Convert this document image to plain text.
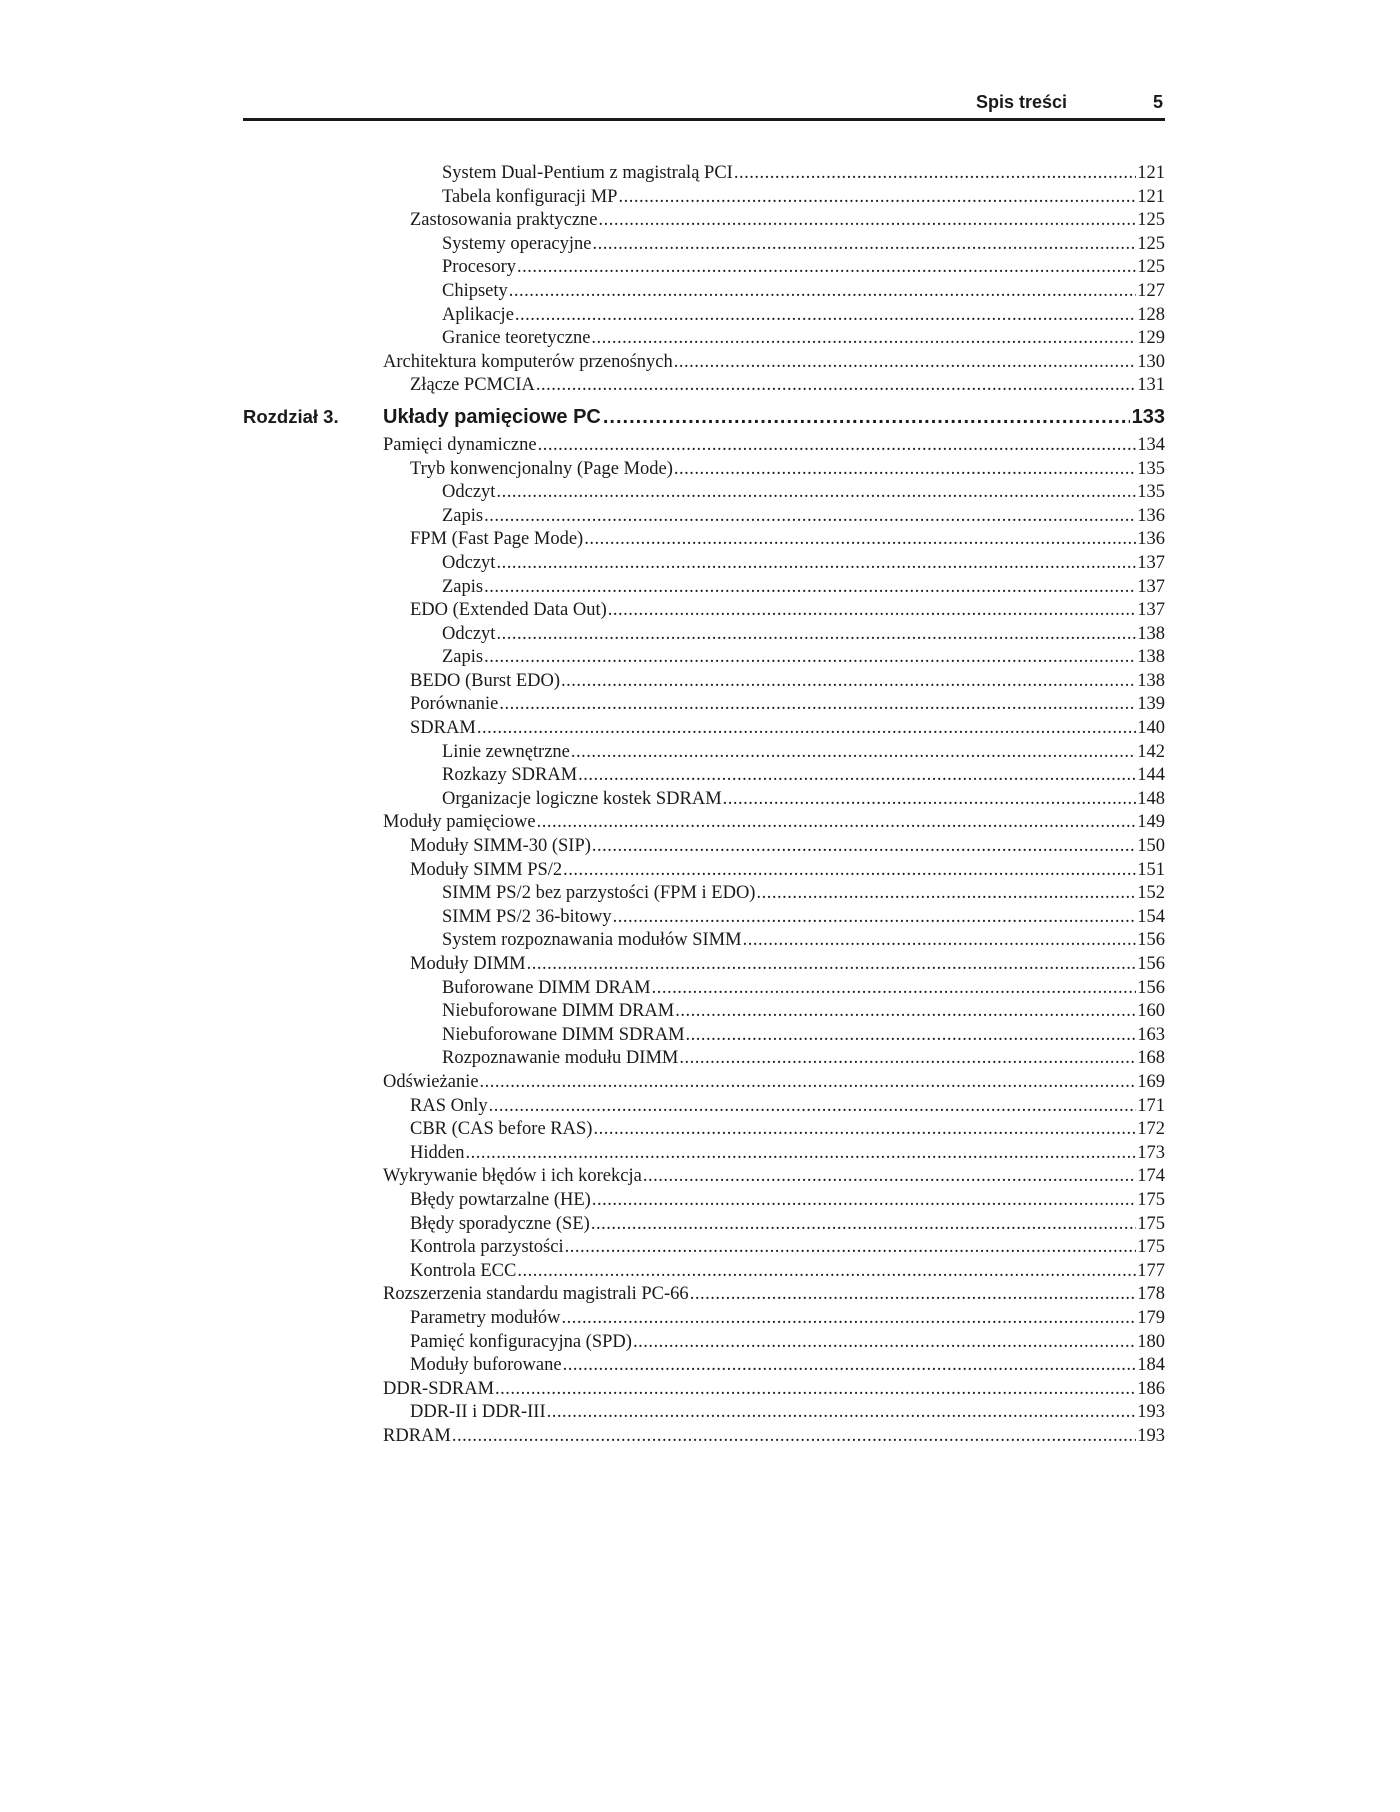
Spis treści	5
System Dual-Pentium z magistralą PCI .....	121
Tabela konfiguracji MP .....	121
Zastosowania praktyczne .....	125
Systemy operacyjne .....	125
Procesory .....	125
Chipsety .....	127
Aplikacje .....	128
Granice teoretyczne .....	129
Architektura komputerów przenośnych .....	130
Złącze PCMCIA .....	131
Rozdział 3.	Układy pamięciowe PC .....	133
Pamięci dynamiczne .....	134
Tryb konwencjonalny (Page Mode) .....	135
Odczyt .....	135
Zapis .....	136
FPM (Fast Page Mode) .....	136
Odczyt .....	137
Zapis .....	137
EDO (Extended Data Out) .....	137
Odczyt .....	138
Zapis .....	138
BEDO (Burst EDO) .....	138
Porównanie .....	139
SDRAM .....	140
Linie zewnętrzne .....	142
Rozkazy SDRAM .....	144
Organizacje logiczne kostek SDRAM .....	148
Moduły pamięciowe .....	149
Moduły SIMM-30 (SIP) .....	150
Moduły SIMM PS/2 .....	151
SIMM PS/2 bez parzystości (FPM i EDO) .....	152
SIMM PS/2 36-bitowy .....	154
System rozpoznawania modułów SIMM .....	156
Moduły DIMM .....	156
Buforowane DIMM DRAM .....	156
Niebuforowane DIMM DRAM .....	160
Niebuforowane DIMM SDRAM .....	163
Rozpoznawanie modułu DIMM .....	168
Odświeżanie .....	169
RAS Only .....	171
CBR (CAS before RAS) .....	172
Hidden .....	173
Wykrywanie błędów i ich korekcja .....	174
Błędy powtarzalne (HE) .....	175
Błędy sporadyczne (SE) .....	175
Kontrola parzystości .....	175
Kontrola ECC .....	177
Rozszerzenia standardu magistrali PC-66 .....	178
Parametry modułów .....	179
Pamięć konfiguracyjna (SPD) .....	180
Moduły buforowane .....	184
DDR-SDRAM .....	186
DDR-II i DDR-III .....	193
RDRAM .....	193
